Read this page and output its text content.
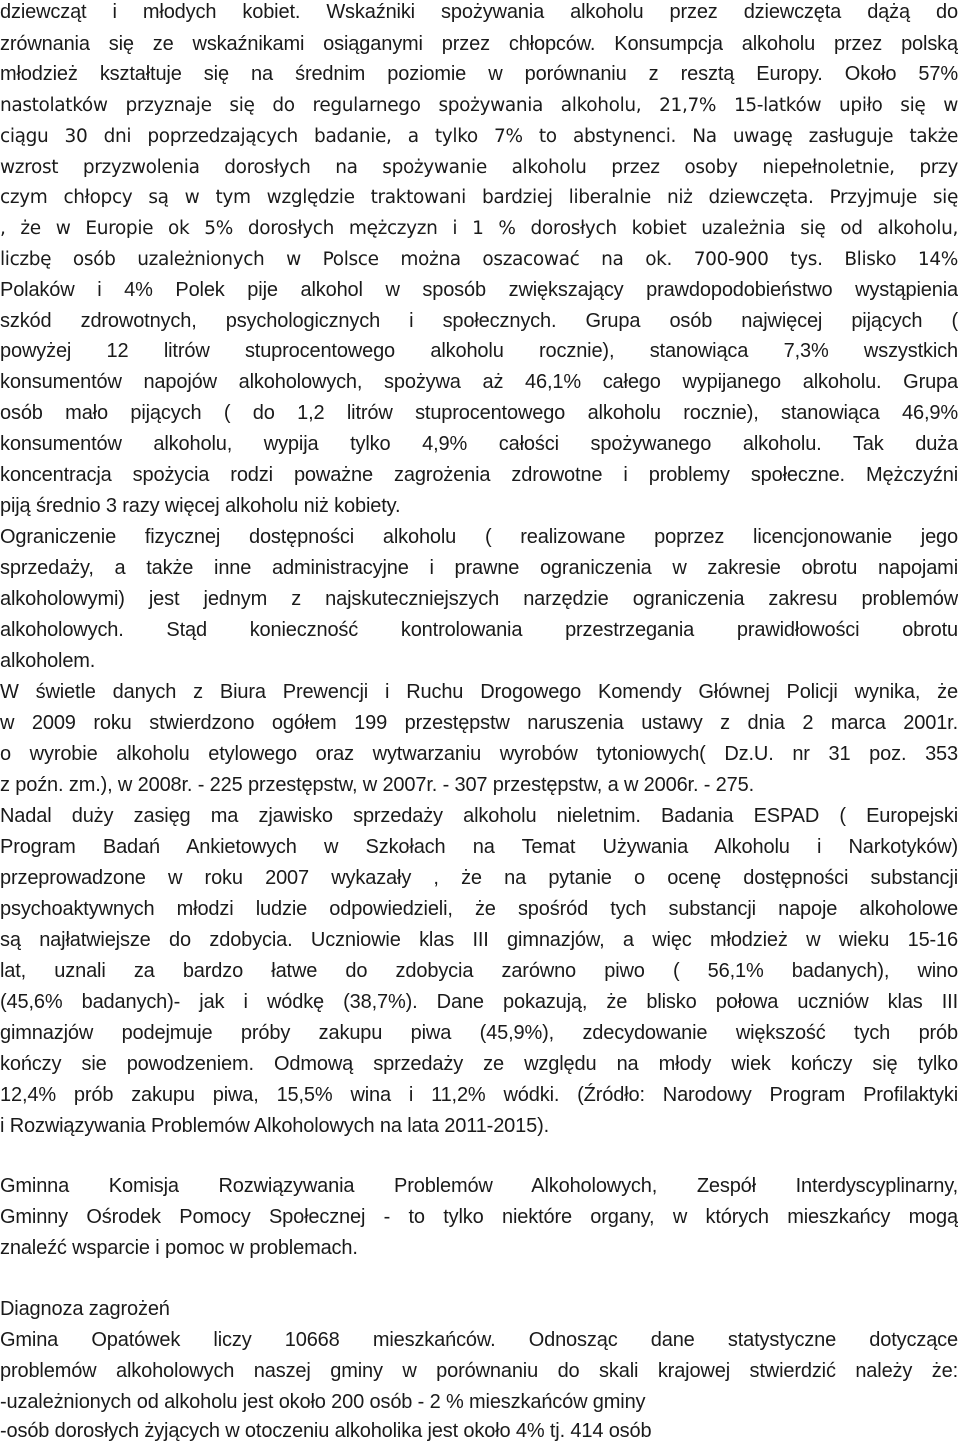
dziewcząt i młodych kobiet. Wskaźniki spożywania alkoholu przez dziewczęta dążą do
zrównania się ze wskaźnikami osiąganymi przez chłopców. Konsumpcja alkoholu przez polską
młodzież kształtuje się na średnim poziomie w porównaniu z resztą Europy. Około 57%
nastolatków przyznaje się do regularnego spożywania alkoholu, 21,7% 15-latków upiło się w
ciągu 30 dni poprzedzających badanie, a tylko 7% to abstynenci. Na uwagę zasługuje także
wzrost przyzwolenia dorosłych na spożywanie alkoholu przez osoby niepełnoletnie, przy
czym chłopcy są w tym względzie traktowani bardziej liberalnie niż dziewczęta. Przyjmuje się
, że w Europie ok 5% dorosłych mężczyzn i 1 % dorosłych kobiet uzależnia się od alkoholu,
liczbę osób uzależnionych w Polsce można oszacować na ok. 700-900 tys. Blisko 14%
Polaków i 4% Polek pije alkohol w sposób zwiększający prawdopodobieństwo wystąpienia
szkód zdrowotnych, psychologicznych i społecznych. Grupa osób najwięcej pijących (
powyżej 12 litrów stuprocentowego alkoholu rocznie), stanowiąca 7,3% wszystkich
konsumentów napojów alkoholowych, spożywa aż 46,1% całego wypijanego alkoholu. Grupa
osób mało pijących ( do 1,2 litrów stuprocentowego alkoholu rocznie), stanowiąca 46,9%
konsumentów alkoholu, wypija tylko 4,9% całości spożywanego alkoholu. Tak duża
koncentracja spożycia rodzi poważne zagrożenia zdrowotne i problemy społeczne. Mężczyźni
piją średnio 3 razy więcej alkoholu niż kobiety.
Ograniczenie fizycznej dostępności alkoholu ( realizowane poprzez licencjonowanie jego
sprzedaży, a także inne administracyjne i prawne ograniczenia w zakresie obrotu napojami
alkoholowymi) jest jednym z najskuteczniejszych narzędzie ograniczenia zakresu problemów
alkoholowych. Stąd konieczność kontrolowania przestrzegania prawidłowości obrotu
alkoholem.
W świetle danych z Biura Prewencji i Ruchu Drogowego Komendy Głównej Policji wynika, że
w 2009 roku stwierdzono ogółem 199 przestępstw naruszenia ustawy z dnia 2 marca 2001r.
o wyrobie alkoholu etylowego oraz wytwarzaniu wyrobów tytoniowych( Dz.U. nr 31 poz. 353
z poźn. zm.), w 2008r. - 225 przestępstw, w 2007r. - 307 przestępstw, a w 2006r. - 275.
Nadal duży zasięg ma zjawisko sprzedaży alkoholu nieletnim. Badania ESPAD ( Europejski
Program Badań Ankietowych w Szkołach na Temat Używania Alkoholu i Narkotyków)
przeprowadzone w roku 2007 wykazały , że na pytanie o ocenę dostępności substancji
psychoaktywnych młodzi ludzie odpowiedzieli, że spośród tych substancji napoje alkoholowe
są najłatwiejsze do zdobycia. Uczniowie klas III gimnazjów, a więc młodzież w wieku 15-16
lat, uznali za bardzo łatwe do zdobycia zarówno piwo ( 56,1% badanych), wino
(45,6% badanych)- jak i wódkę (38,7%). Dane pokazują, że blisko połowa uczniów klas III
gimnazjów podejmuje próby zakupu piwa (45,9%), zdecydowanie większość tych prób
kończy sie powodzeniem. Odmową sprzedaży ze względu na młody wiek kończy się tylko
12,4% prób zakupu piwa, 15,5% wina i 11,2% wódki. (Źródło: Narodowy Program Profilaktyki
i Rozwiązywania Problemów Alkoholowych na lata 2011-2015).
Gminna Komisja Rozwiązywania Problemów Alkoholowych, Zespół Interdyscyplinarny,
Gminny Ośrodek Pomocy Społecznej - to tylko niektóre organy, w których mieszkańcy mogą
znaleźć wsparcie i pomoc w problemach.
Diagnoza zagrożeń
Gmina Opatówek liczy 10668 mieszkańców. Odnosząc dane statystyczne dotyczące
problemów alkoholowych naszej gminy w porównaniu do skali krajowej stwierdzić należy że:
-uzależnionych od alkoholu jest około 200 osób - 2 % mieszkańców gminy
-osób dorosłych żyjących w otoczeniu alkoholika jest około 4% tj. 414 osób
